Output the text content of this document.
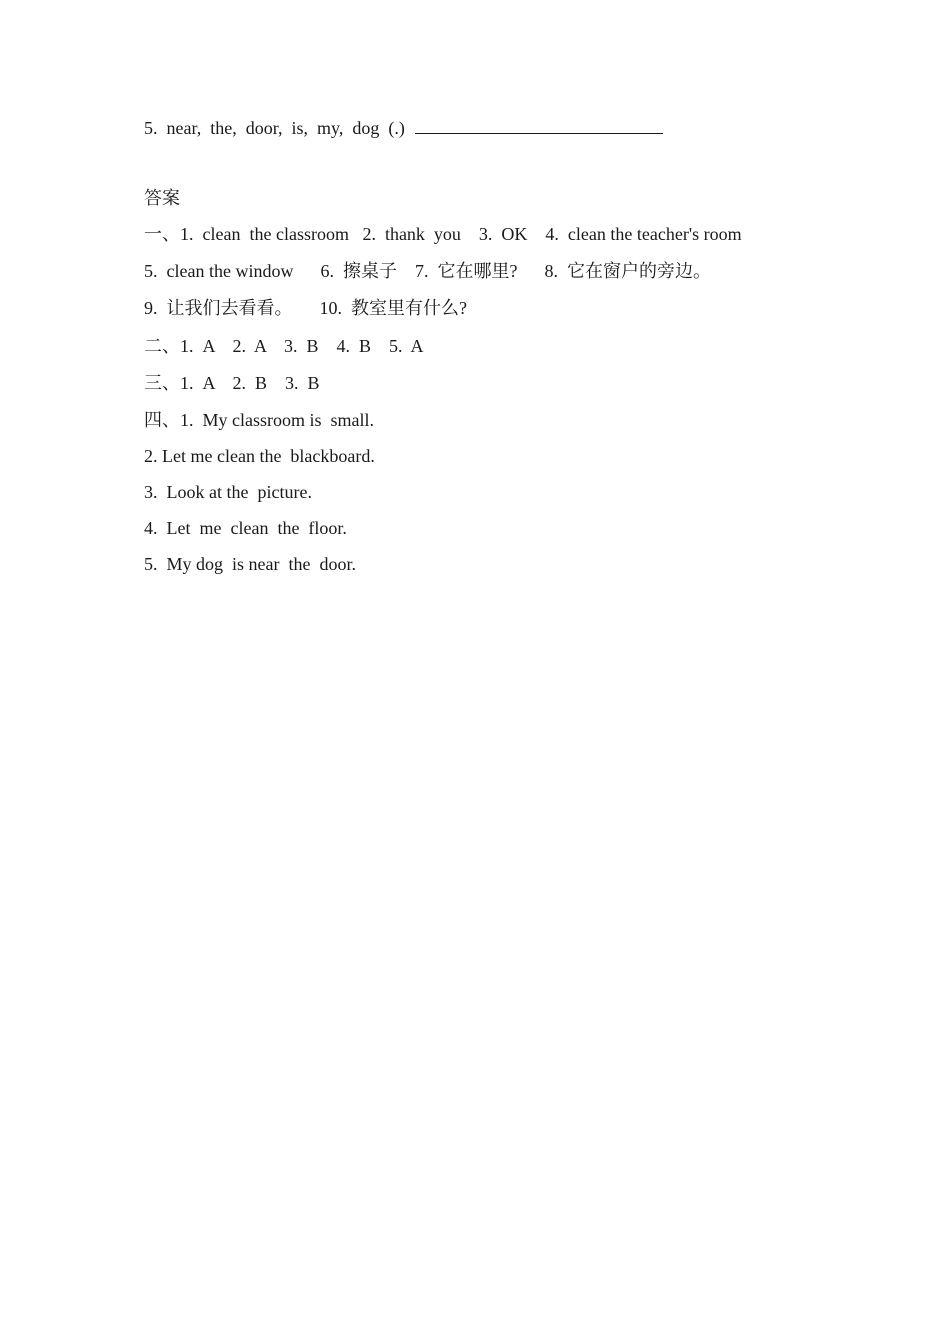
5.  near,  the,  door,  is,  my,  dog  (.)
答案
一、1.  clean  the classroom   2.  thank  you    3.  OK    4.  clean the teacher's room
5.  clean the window      6.  擦桌子    7.  它在哪里?      8.  它在窗户的旁边。
9.  让我们去看看。      10.  教室里有什么?
二、1.  A    2.  A    3.  B    4.  B    5.  A
三、1.  A    2.  B    3.  B
四、1.  My classroom is  small.
2. Let me clean the  blackboard.
3.  Look at the  picture.
4.  Let  me  clean  the  floor.
5.  My dog  is near  the  door.
